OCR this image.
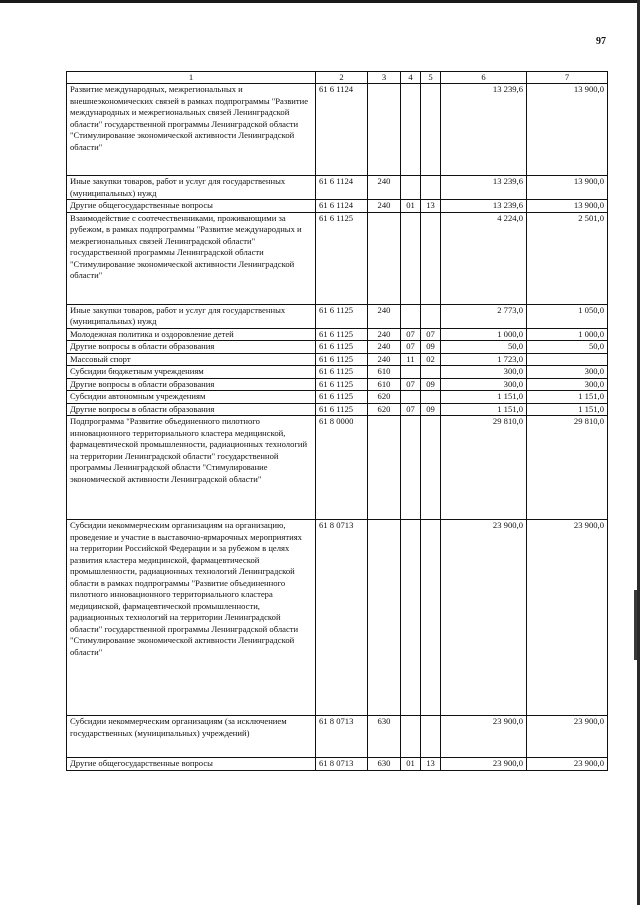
97
1	2	3	4	5	6	7
Развитие международных, межрегиональных и внешнеэкономических связей в рамках подпрограммы "Развитие международных и межрегиональных связей Ленинградской области" государственной программы Ленинградской области "Стимулирование экономической активности Ленинградской области"	61 6 1124				13 239,6	13 900,0
Иные закупки товаров, работ и услуг для государственных (муниципальных) нужд	61 6 1124	240			13 239,6	13 900,0
Другие общегосударственные вопросы	61 6 1124	240	01	13	13 239,6	13 900,0
Взаимодействие с соотечественниками, проживающими за рубежом, в рамках подпрограммы "Развитие международных и межрегиональных связей Ленинградской области" государственной программы Ленинградской области "Стимулирование экономической активности Ленинградской области"	61 6 1125				4 224,0	2 501,0
Иные закупки товаров, работ и услуг для государственных (муниципальных) нужд	61 6 1125	240			2 773,0	1 050,0
Молодежная политика и оздоровление детей	61 6 1125	240	07	07	1 000,0	1 000,0
Другие вопросы в области образования	61 6 1125	240	07	09	50,0	50,0
Массовый спорт	61 6 1125	240	11	02	1 723,0	
Субсидии бюджетным учреждениям	61 6 1125	610			300,0	300,0
Другие вопросы в области образования	61 6 1125	610	07	09	300,0	300,0
Субсидии автономным учреждениям	61 6 1125	620			1 151,0	1 151,0
Другие вопросы в области образования	61 6 1125	620	07	09	1 151,0	1 151,0
Подпрограмма "Развитие объединенного пилотного инновационного территориального кластера медицинской, фармацевтической промышленности, радиационных технологий на территории Ленинградской области" государственной программы Ленинградской области "Стимулирование экономической активности Ленинградской области"	61 8 0000				29 810,0	29 810,0
Субсидии некоммерческим организациям на организацию, проведение и участие в выставочно-ярмарочных мероприятиях на территории Российской Федерации и за рубежом в целях развития кластера медицинской, фармацевтической промышленности, радиационных технологий Ленинградской области в рамках подпрограммы "Развитие объединенного пилотного инновационного территориального кластера медицинской, фармацевтической промышленности, радиационных технологий на территории Ленинградской области" государственной программы Ленинградской области "Стимулирование экономической активности Ленинградской области"	61 8 0713				23 900,0	23 900,0
Субсидии некоммерческим организациям (за исключением государственных (муниципальных) учреждений)	61 8 0713	630			23 900,0	23 900,0
Другие общегосударственные вопросы	61 8 0713	630	01	13	23 900,0	23 900,0
